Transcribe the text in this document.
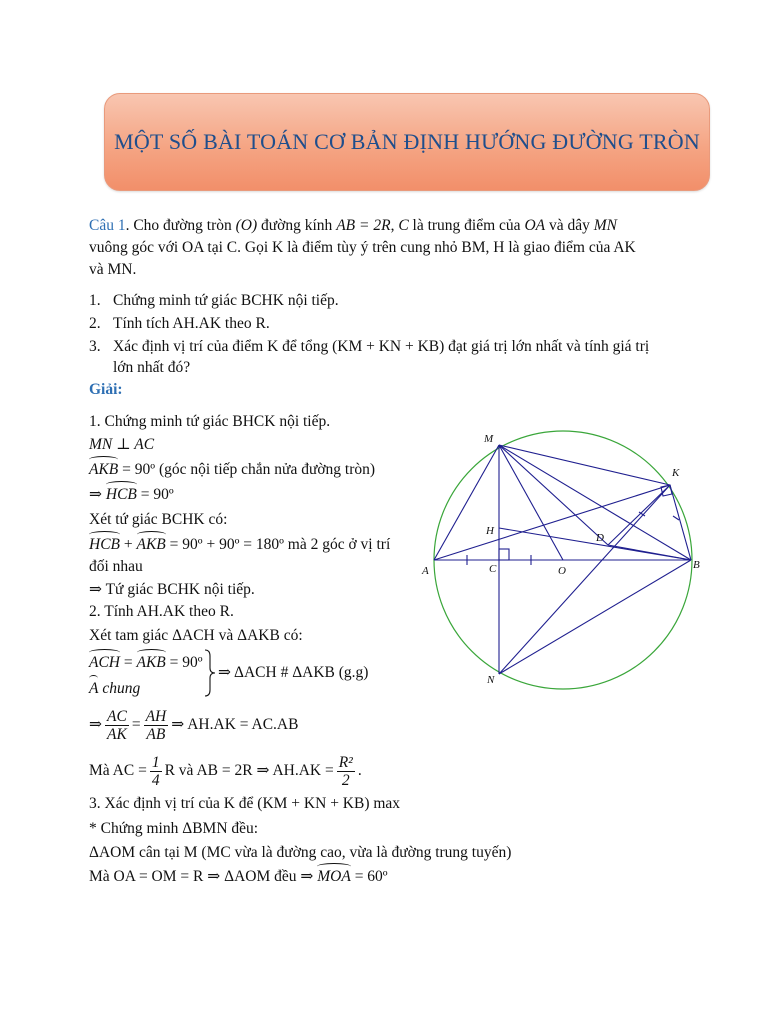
MỘT SỐ BÀI TOÁN CƠ BẢN ĐỊNH HƯỚNG ĐƯỜNG TRÒN
Câu 1. Cho đường tròn (O) đường kính AB = 2R, C là trung điểm của OA và dây MN
vuông góc với OA tại C. Gọi K là điểm tùy ý trên cung nhỏ BM, H là giao điểm của AK
và MN.
1. Chứng minh tứ giác BCHK nội tiếp.
2. Tính tích AH.AK theo R.
3. Xác định vị trí của điểm K để tổng (KM + KN + KB) đạt giá trị lớn nhất và tính giá trị
lớn nhất đó?
Giải:
1. Chứng minh tứ giác BHCK nội tiếp.
MN ⊥ AC
AKB = 90º (góc nội tiếp chắn nửa đường tròn)
⇒ HCB = 90º
Xét tứ giác BCHK có:
HCB + AKB = 90º + 90º = 180º mà 2 góc ở vị trí
đối nhau
⇒ Tứ giác BCHK nội tiếp.
2. Tính AH.AK theo R.
Xét tam giác ΔACH và ΔAKB có:
ACH = AKB = 90º
A chung
⇒ ΔACH # ΔAKB (g.g)
⇒ $\frac{AC}{AK} = \frac{AH}{AB}$ ⇒ AH.AK = AC.AB
Mà AC = $\frac{1}{4}$ R và AB = 2R ⇒ $AH.AK = \frac{\text{R²}}{2}$ .
3. Xác định vị trí của K để (KM + KN + KB) max
* Chứng minh ΔBMN đều:
ΔAOM cân tại M (MC vừa là đường cao, vừa là đường trung tuyến)
Mà OA = OM = R ⇒ ΔAOM đều ⇒ MOA = 60º
M
K
H
D
A	C	O	B
N
